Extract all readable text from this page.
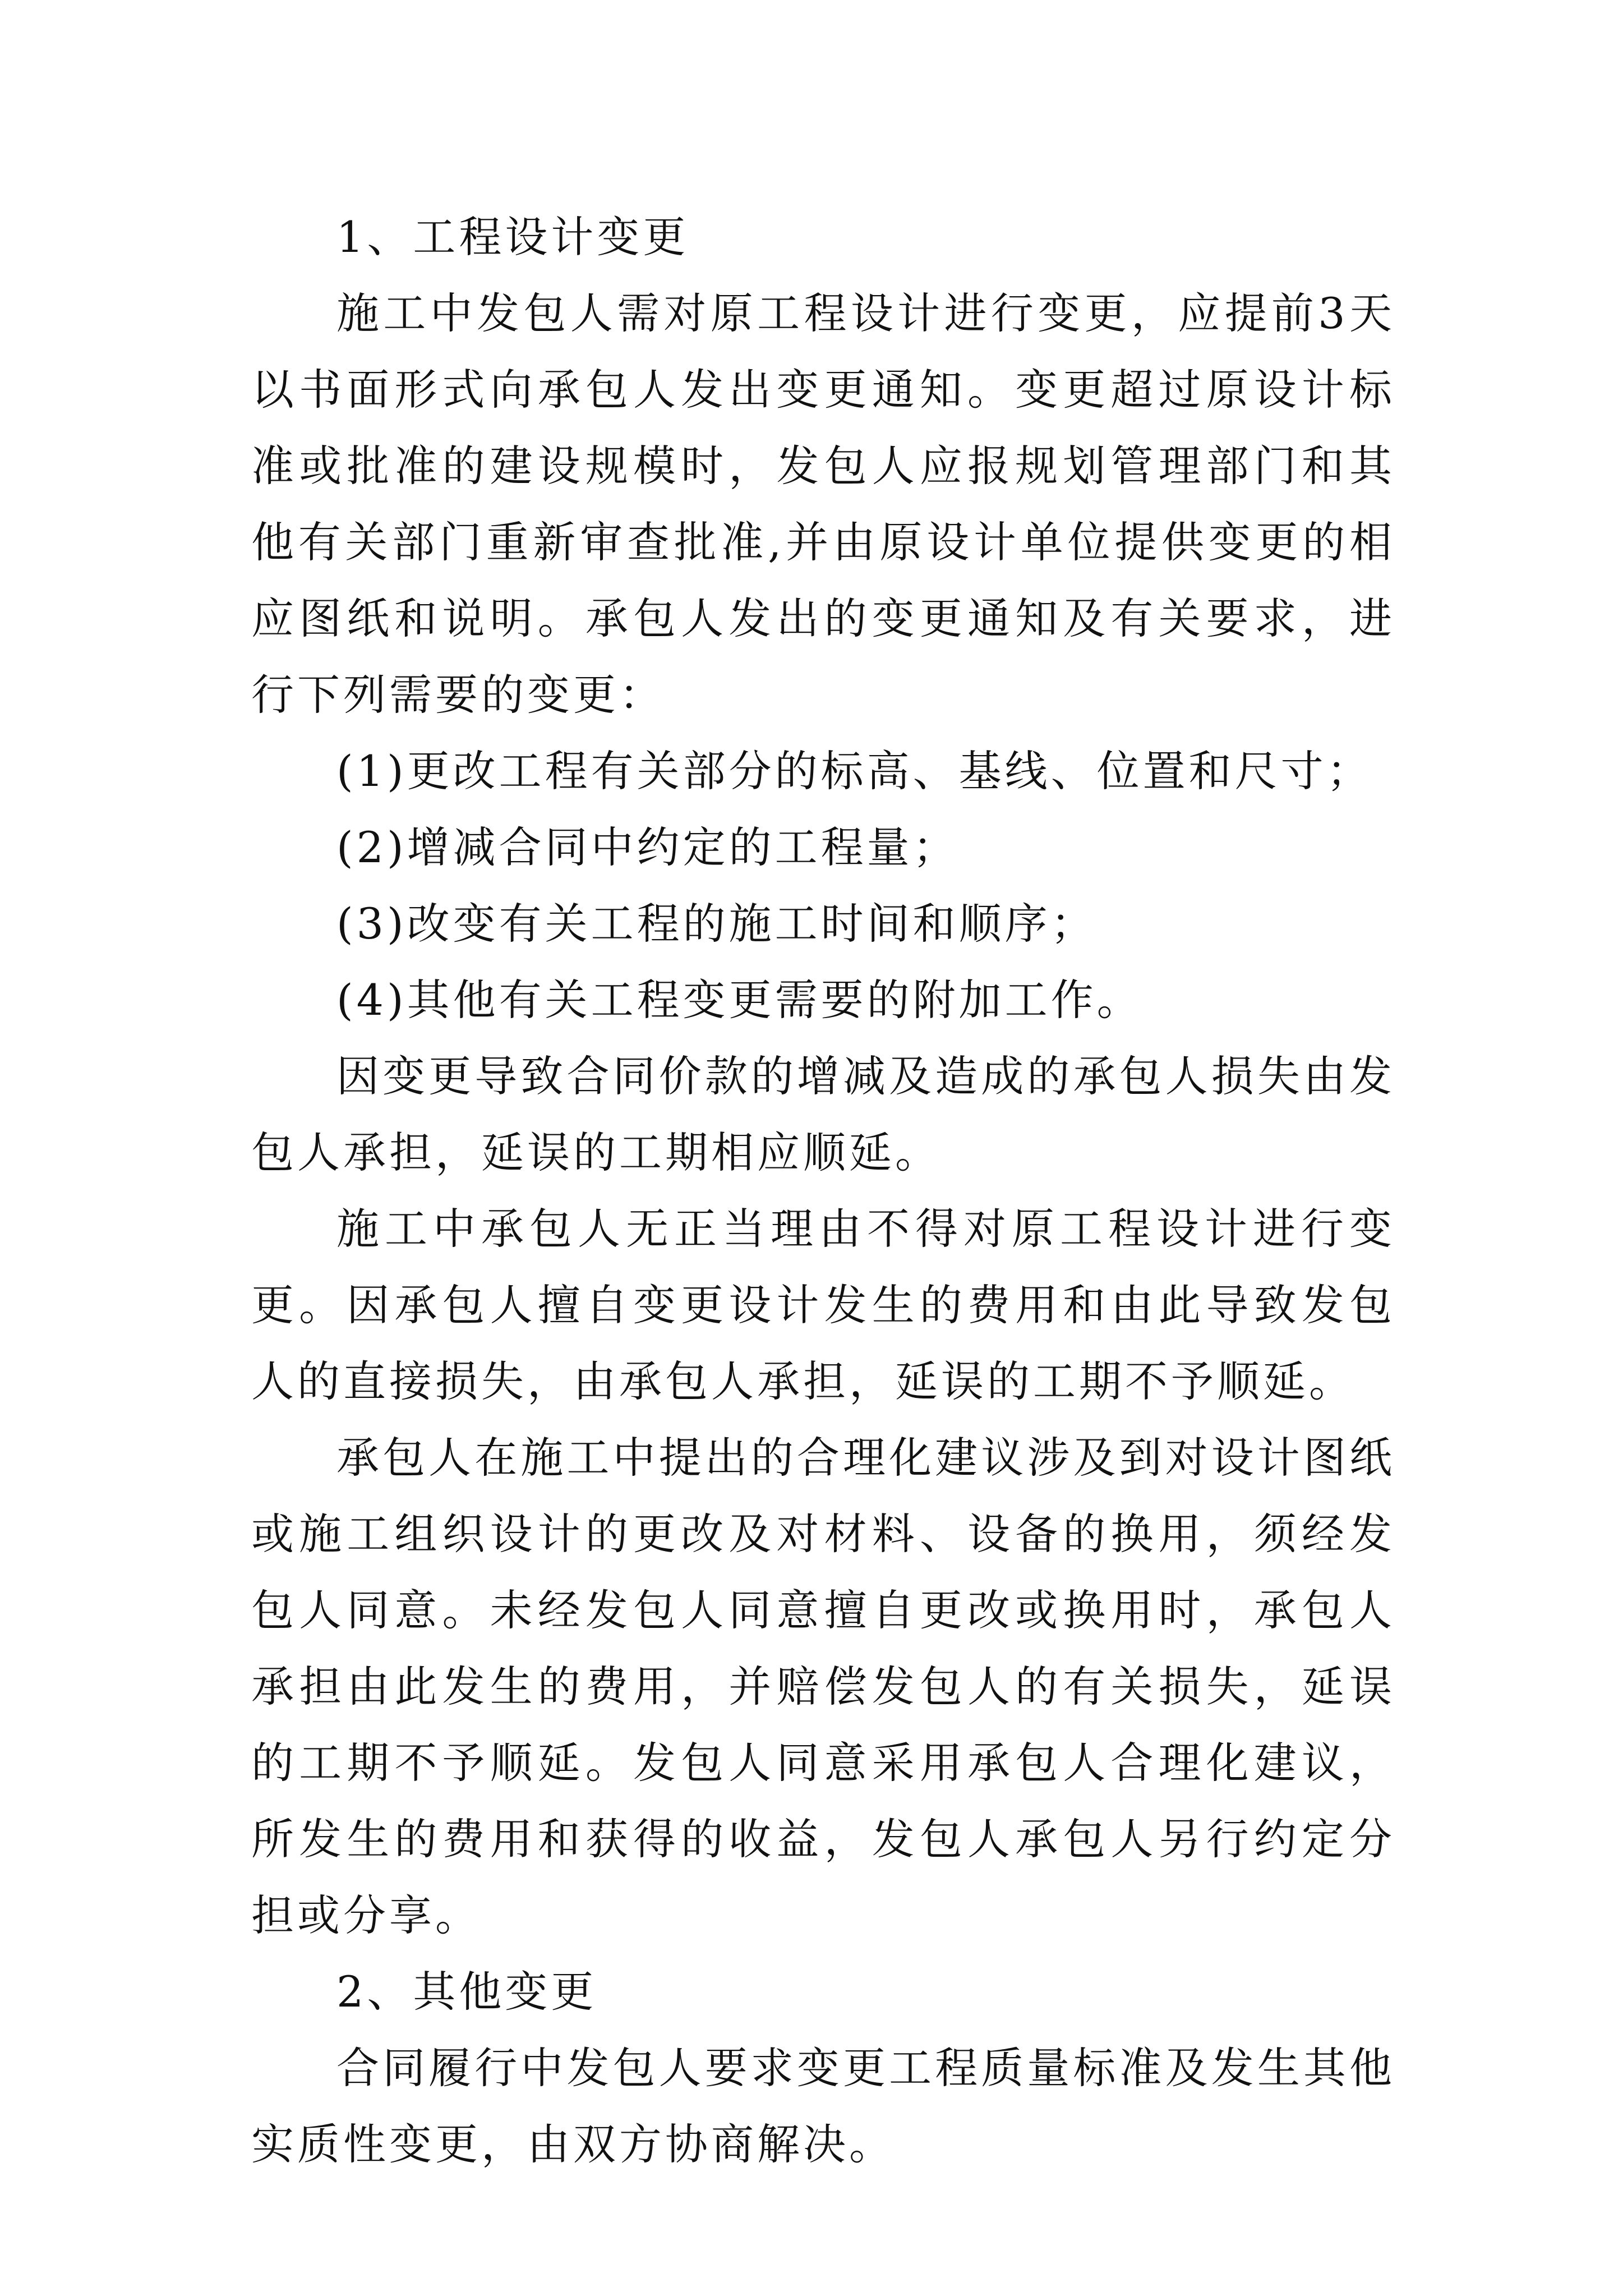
1、工程设计变更

施工中发包人需对原工程设计进行变更，应提前3天以书面形式向承包人发出变更通知。变更超过原设计标准或批准的建设规模时，发包人应报规划管理部门和其他有关部门重新审查批准,并由原设计单位提供变更的相应图纸和说明。承包人发出的变更通知及有关要求，进行下列需要的变更：

(1)更改工程有关部分的标高、基线、位置和尺寸；

(2)增减合同中约定的工程量；

(3)改变有关工程的施工时间和顺序；

(4)其他有关工程变更需要的附加工作。

因变更导致合同价款的增减及造成的承包人损失由发包人承担，延误的工期相应顺延。

施工中承包人无正当理由不得对原工程设计进行变更。因承包人擅自变更设计发生的费用和由此导致发包人的直接损失，由承包人承担，延误的工期不予顺延。

承包人在施工中提出的合理化建议涉及到对设计图纸或施工组织设计的更改及对材料、设备的换用，须经发包人同意。未经发包人同意擅自更改或换用时，承包人承担由此发生的费用，并赔偿发包人的有关损失，延误的工期不予顺延。发包人同意采用承包人合理化建议，所发生的费用和获得的收益，发包人承包人另行约定分担或分享。

2、其他变更

合同履行中发包人要求变更工程质量标准及发生其他实质性变更，由双方协商解决。
